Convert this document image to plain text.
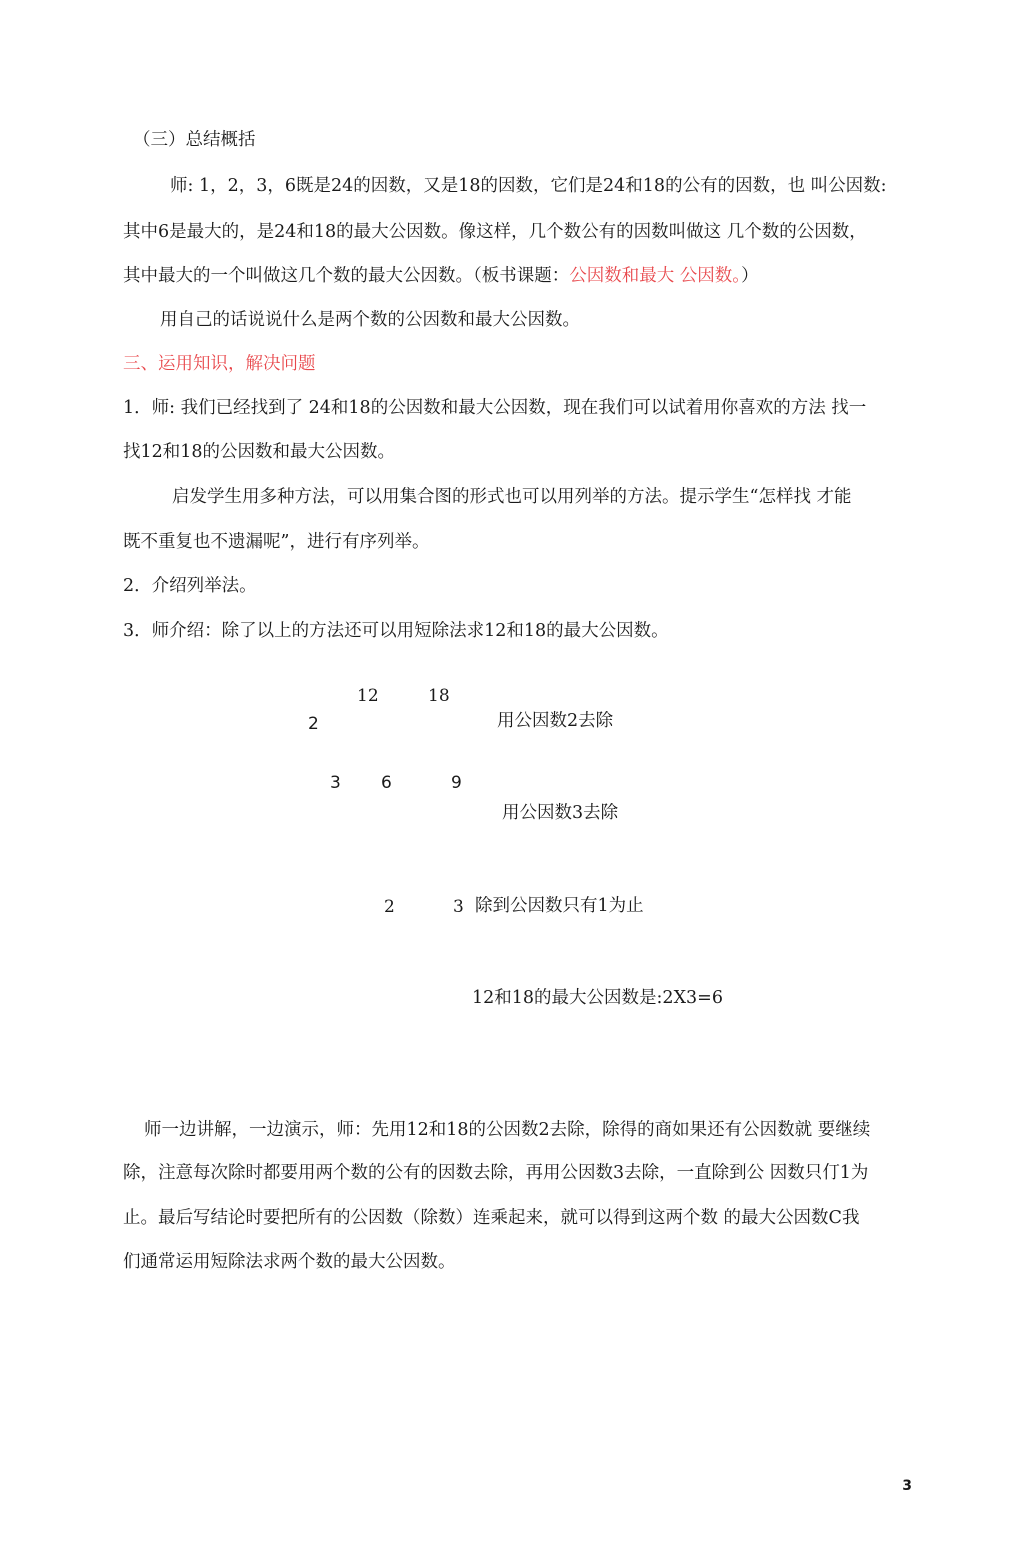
（三）总结概括
师: 1，2，3，6既是24的因数，又是18的因数，它们是24和18的公有的因数，也 叫公因数:
其中6是最大的，是24和18的最大公因数。像这样，几个数公有的因数叫做这 几个数的公因数，
其中最大的一个叫做这几个数的最大公因数。（板书课题：公因数和最大 公因数。）
用自己的话说说什么是两个数的公因数和最大公因数。
三、运用知识，解决问题
1．师: 我们已经找到了 24和18的公因数和最大公因数，现在我们可以试着用你喜欢的方法 找一
找12和18的公因数和最大公因数。
启发学生用多种方法，可以用集合图的形式也可以用列举的方法。提示学生“怎样找 才能
既不重复也不遗漏呢”，进行有序列举。
2．介绍列举法。
3．师介绍：除了以上的方法还可以用短除法求12和18的最大公因数。
12	18
2	用公因数2去除
3 6	9
用公因数3去除
2	3 除到公因数只有1为止
12和18的最大公因数是:2X3=6
师一边讲解，一边演示，师：先用12和18的公因数2去除，除得的商如果还有公因数就 要继续
除，注意每次除时都要用两个数的公有的因数去除，再用公因数3去除，一直除到公 因数只仃1为
止。最后写结论时要把所有的公因数（除数）连乘起来，就可以得到这两个数 的最大公因数C我
们通常运用短除法求两个数的最大公因数。
3
